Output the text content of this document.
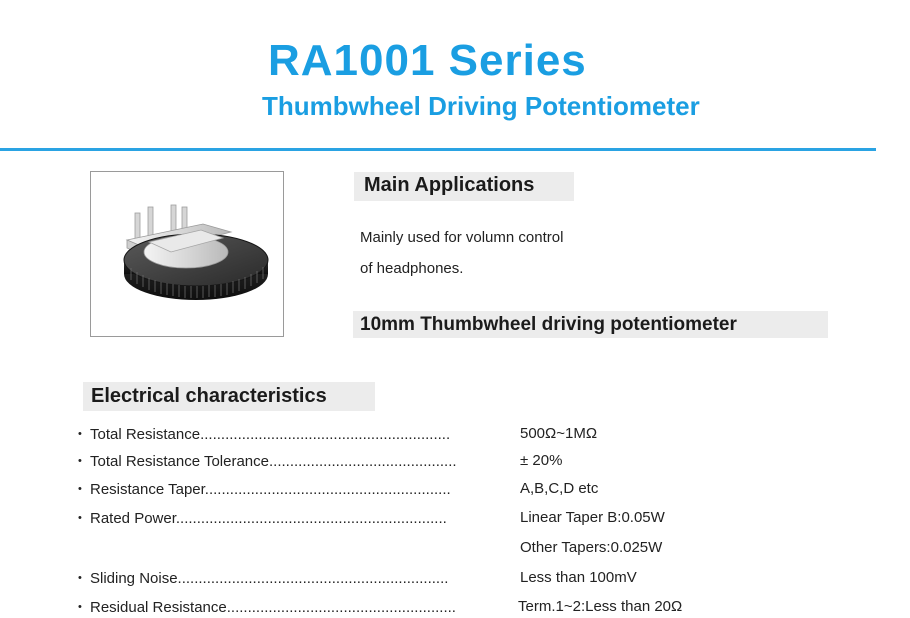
RA1001 Series
Thumbwheel Driving Potentiometer
Main Applications
Mainly used for volumn control
of headphones.
10mm Thumbwheel driving potentiometer
Electrical characteristics
• Total Resistance............................................................	500Ω~1MΩ
• Total Resistance Tolerance.............................................	± 20%
• Resistance Taper...........................................................	A,B,C,D etc
• Rated Power.................................................................	Linear Taper B:0.05W
Other Tapers:0.025W
• Sliding Noise.................................................................	Less than 100mV
• Residual Resistance.......................................................	Term.1~2:Less than 20Ω
